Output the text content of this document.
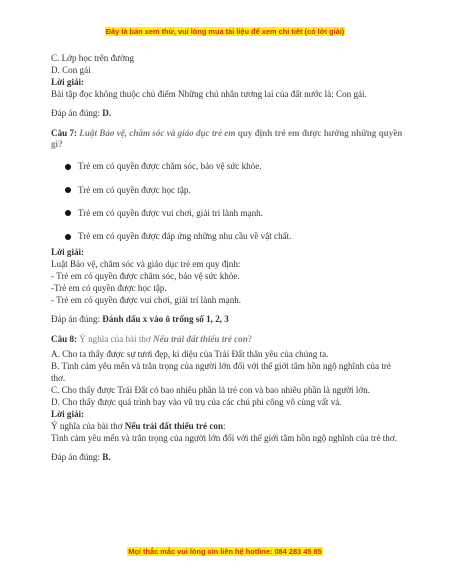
Đây là bản xem thử, vui lòng mua tài liệu để xem chi tiết (có lời giải)

C. Lớp học trên đường

D. Con gái

Lời giải:

Bài tập đọc không thuộc chủ điểm Những chủ nhân tương lai của đất nước là: Con gái.

Đáp án đúng: D.

Câu 7: Luật Bảo vệ, chăm sóc và giáo dục trẻ em quy định trẻ em được hưởng những quyền gì?

Trẻ em có quyền được chăm sóc, bảo vệ sức khỏe.
Trẻ em có quyền được học tập.
Trẻ em có quyền được vui chơi, giải trí lành mạnh.
Trẻ em có quyền được đáp ứng những nhu cầu về vật chất.

Lời giải:

Luật Bảo vệ, chăm sóc và giáo dục trẻ em quy định:

- Trẻ em có quyền được chăm sóc, bảo vệ sức khỏe.

-Trẻ em có quyền được học tập.

- Trẻ em có quyền được vui chơi, giải trí lành mạnh.

Đáp án đúng: Đánh dấu x vào ô trống số 1, 2, 3

Câu 8: Ý nghĩa của bài thơ Nếu trái đất thiếu trẻ con?

A. Cho ta thấy được sự tươi đẹp, kì diệu của Trái Đất thân yêu của chúng ta.

B. Tình cảm yêu mến và trân trọng của người lớn đối với thế giới tâm hồn ngộ nghĩnh của trẻ thơ.

C. Cho thấy được Trái Đất có bao nhiêu phần là trẻ con và bao nhiêu phần là người lớn.

D. Cho thấy được quá trình bay vào vũ trụ của các chú phi công vô cùng vất vả.

Lời giải:

Ý nghĩa của bài thơ Nếu trái đất thiếu trẻ con:

Tình cảm yêu mến và trân trọng của người lớn đối với thế giới tâm hồn ngộ nghĩnh của trẻ thơ.

Đáp án đúng: B.

Mọi thắc mắc vui lòng xin liên hệ hotline: 084 283 45 85
